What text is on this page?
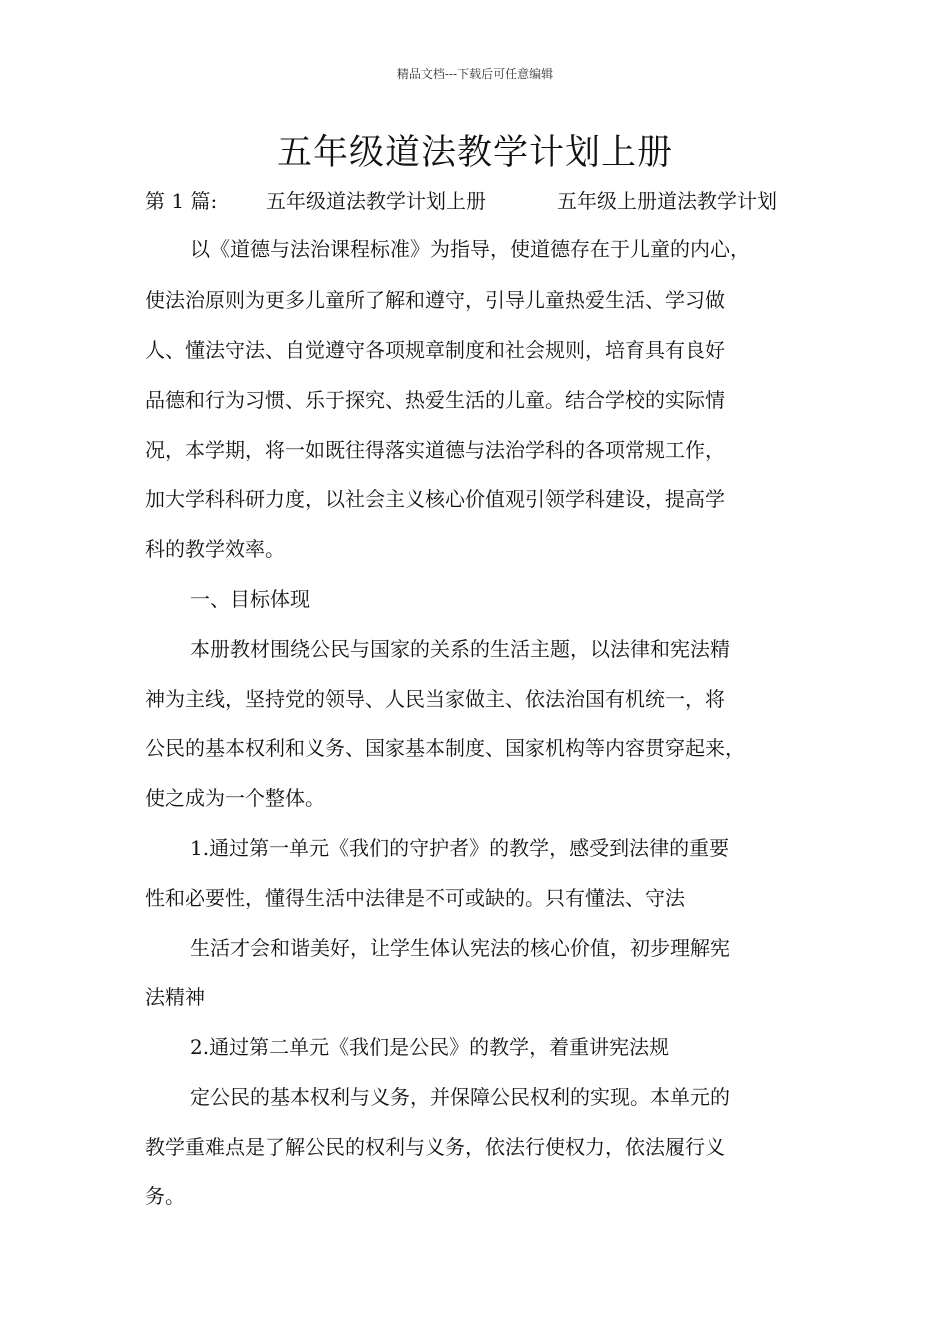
精品文档---下载后可任意编辑
五年级道法教学计划上册
第 1 篇: 五年级道法教学计划上册	五年级上册道法教学计划
以《道德与法治课程标准》为指导，使道德存在于儿童的内心，
使法治原则为更多儿童所了解和遵守，引导儿童热爱生活、学习做
人、懂法守法、自觉遵守各项规章制度和社会规则，培育具有良好
品德和行为习惯、乐于探究、热爱生活的儿童。结合学校的实际情
况，本学期，将一如既往得落实道德与法治学科的各项常规工作，
加大学科科研力度，以社会主义核心价值观引领学科建设，提高学
科的教学效率。
一、目标体现
本册教材围绕公民与国家的关系的生活主题，以法律和宪法精
神为主线，坚持党的领导、人民当家做主、依法治国有机统一，将
公民的基本权利和义务、国家基本制度、国家机构等内容贯穿起来，
使之成为一个整体。
1.通过第一单元《我们的守护者》的教学，感受到法律的重要
性和必要性，懂得生活中法律是不可或缺的。只有懂法、守法
生活才会和谐美好，让学生体认宪法的核心价值，初步理解宪
法精神
2.通过第二单元《我们是公民》的教学，着重讲宪法规
定公民的基本权利与义务，并保障公民权利的实现。本单元的
教学重难点是了解公民的权利与义务，依法行使权力，依法履行义
务。
